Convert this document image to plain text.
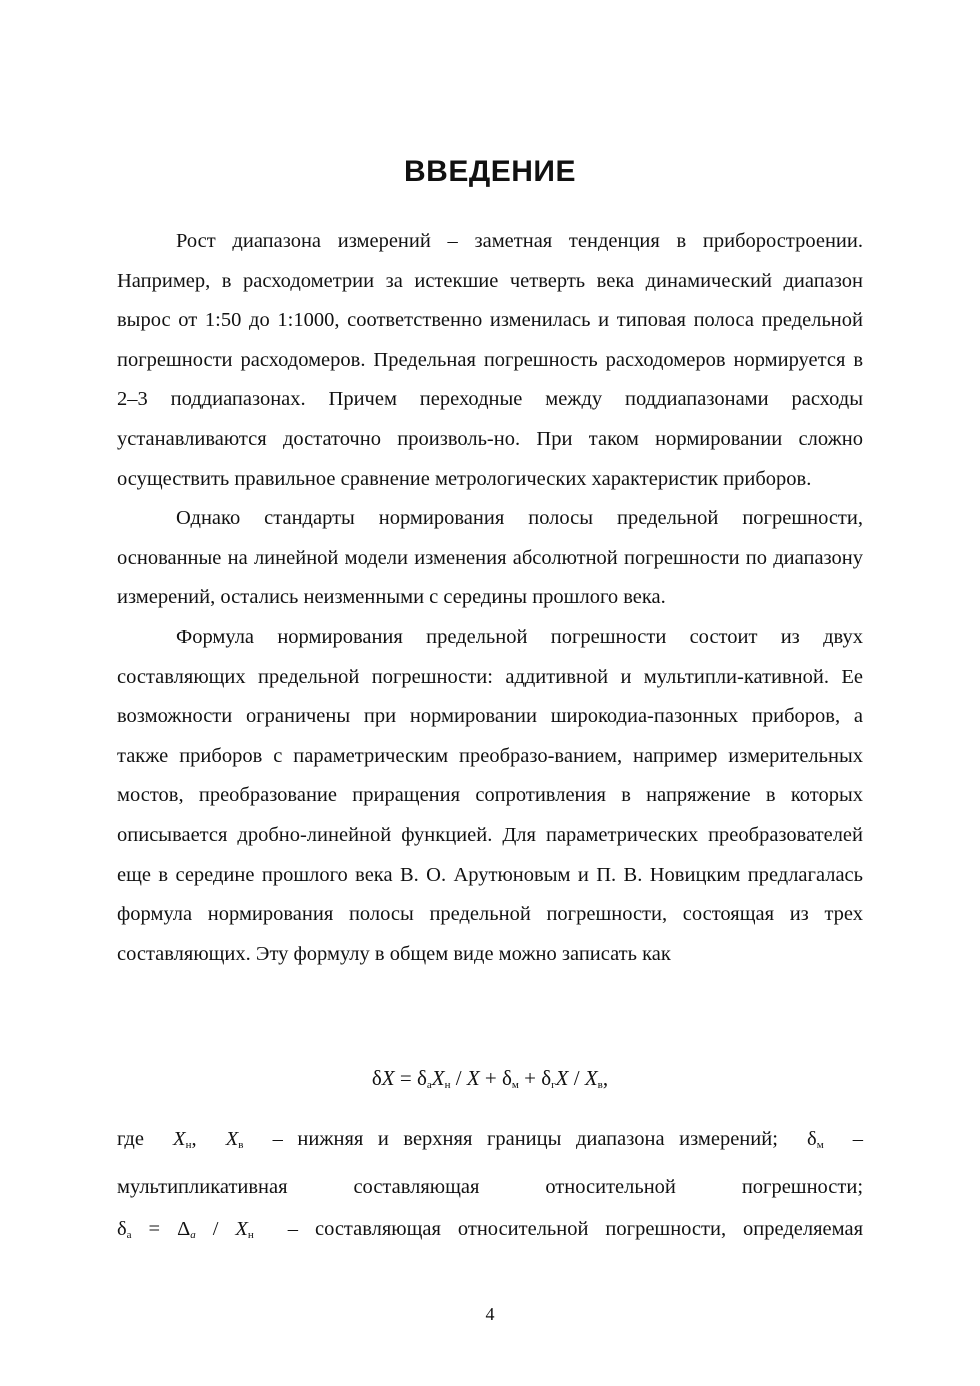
ВВЕДЕНИЕ

Рост диапазона измерений – заметная тенденция в приборостроении. Например, в расходометрии за истекшие четверть века динамический диапазон вырос от 1:50 до 1:1000, соответственно изменилась и типовая полоса предельной погрешности расходомеров. Предельная погрешность расходомеров нормируется в 2–3 поддиапазонах. Причем переходные между поддиапазонами расходы устанавливаются достаточно произволь-но. При таком нормировании сложно осуществить правильное сравнение метрологических характеристик приборов.

Однако стандарты нормирования полосы предельной погрешности, основанные на линейной модели изменения абсолютной погрешности по диапазону измерений, остались неизменными с середины прошлого века.

Формула нормирования предельной погрешности состоит из двух составляющих предельной погрешности: аддитивной и мультипли-кативной. Ее возможности ограничены при нормировании широкодиа-пазонных приборов, а также приборов с параметрическим преобразо-ванием, например измерительных мостов, преобразование приращения сопротивления в напряжение в которых описывается дробно-линейной функцией. Для параметрических преобразователей еще в середине прошлого века В. О. Арутюновым и П. В. Новицким предлагалась формула нормирования полосы предельной погрешности, состоящая из трех составляющих. Эту формулу в общем виде можно записать как

$\delta X = \delta_аX_н / X + \delta_м + \delta_гX / X_в$,
где $X_н$, $X_в$ – нижняя и верхняя границы диапазона измерений; $\delta_м$ –
мультипликативная	составляющая	относительной	погрешности;
$\delta_а = \Delta_a / X_н$ – составляющая относительной погрешности, определяемая
4
